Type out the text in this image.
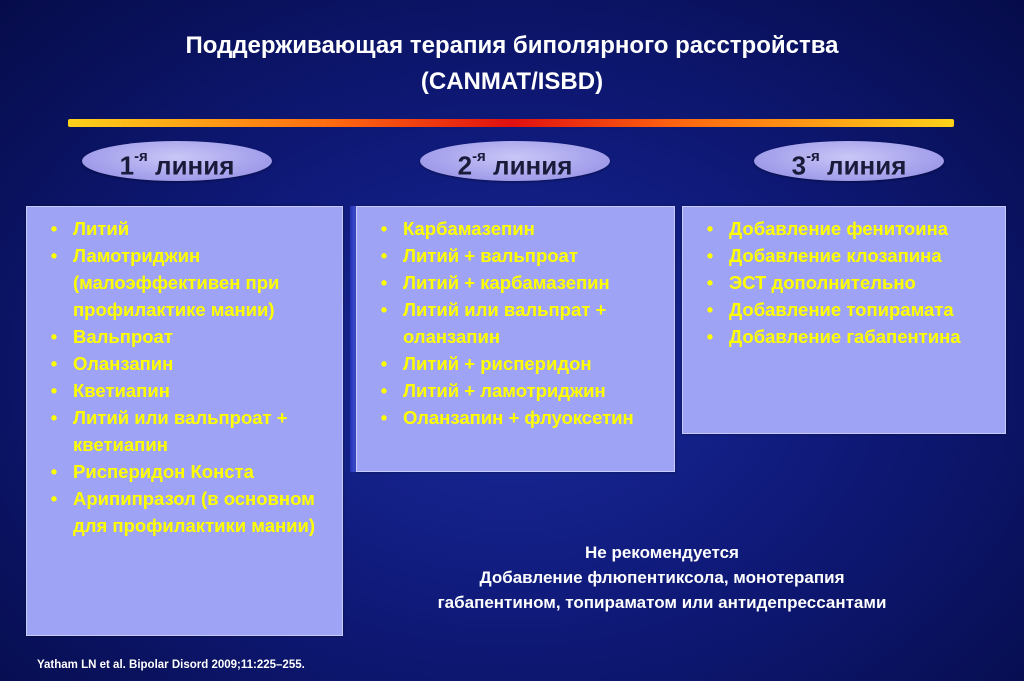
Поддерживающая терапия биполярного расстройства
(CANMAT/ISBD)
$1^{-я}$ линия	$2^{-я}$ линия	$3^{-я}$ линия
• Литий
• Ламотриджин (малоэффективен при профилактике мании)
• Вальпроат
• Оланзапин
• Кветиапин
• Литий или вальпроат + кветиапин
• Рисперидон Конста
• Арипипразол (в основном для профилактики мании)
• Карбамазепин
• Литий + вальпроат
• Литий + карбамазепин
• Литий или вальпрат + оланзапин
• Литий + рисперидон
• Литий + ламотриджин
• Оланзапин + флуоксетин
• Добавление фенитоина
• Добавление клозапина
• ЭСТ дополнительно
• Добавление топирамата
• Добавление габапентина
Не рекомендуется
Добавление флюпентиксола, монотерапия
габапентином, топираматом или антидепрессантами
Yatham LN et al. Bipolar Disord 2009;11:225–255.
